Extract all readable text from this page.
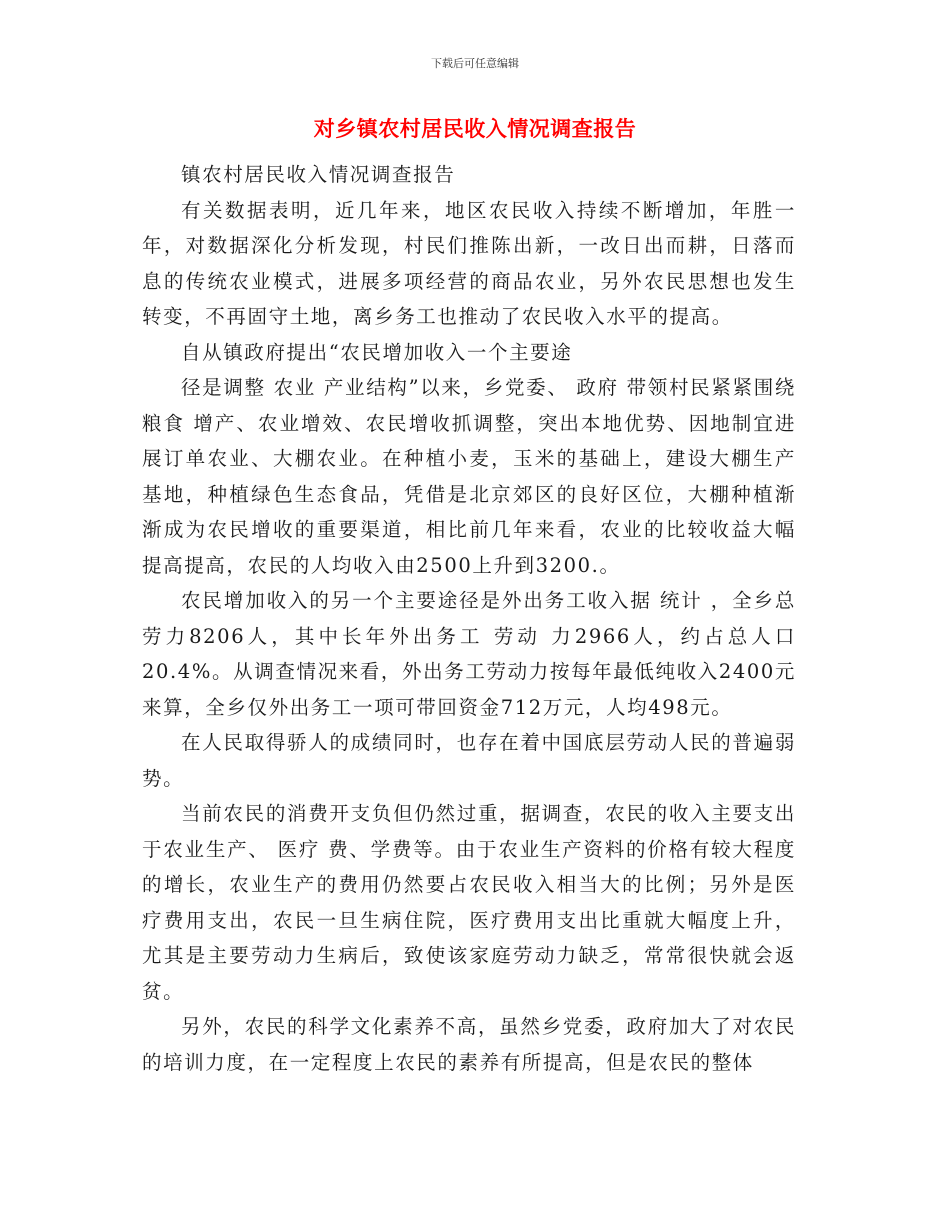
下载后可任意编辑
对乡镇农村居民收入情况调查报告

镇农村居民收入情况调查报告

有关数据表明，近几年来，地区农民收入持续不断增加，年胜一年，对数据深化分析发现，村民们推陈出新，一改日出而耕，日落而息的传统农业模式，进展多项经营的商品农业，另外农民思想也发生转变，不再固守土地，离乡务工也推动了农民收入水平的提高。

自从镇政府提出“农民增加收入一个主要途

径是调整 农业 产业结构”以来，乡党委、 政府 带领村民紧紧围绕 粮食 增产、农业增效、农民增收抓调整，突出本地优势、因地制宜进展订单农业、大棚农业。在种植小麦，玉米的基础上，建设大棚生产基地，种植绿色生态食品，凭借是北京郊区的良好区位，大棚种植渐渐成为农民增收的重要渠道，相比前几年来看，农业的比较收益大幅提高提高，农民的人均收入由2500上升到3200.。

农民增加收入的另一个主要途径是外出务工收入据 统计 ，全乡总劳力8206人，其中长年外出务工 劳动 力2966人，约占总人口 20.4%。从调查情况来看，外出务工劳动力按每年最低纯收入2400元来算，全乡仅外出务工一项可带回资金712万元，人均498元。

在人民取得骄人的成绩同时，也存在着中国底层劳动人民的普遍弱势。

当前农民的消费开支负但仍然过重，据调查，农民的收入主要支出于农业生产、 医疗 费、学费等。由于农业生产资料的价格有较大程度的增长，农业生产的费用仍然要占农民收入相当大的比例；另外是医疗费用支出，农民一旦生病住院，医疗费用支出比重就大幅度上升，尤其是主要劳动力生病后，致使该家庭劳动力缺乏，常常很快就会返贫。

另外，农民的科学文化素养不高，虽然乡党委，政府加大了对农民的培训力度，在一定程度上农民的素养有所提高，但是农民的整体
